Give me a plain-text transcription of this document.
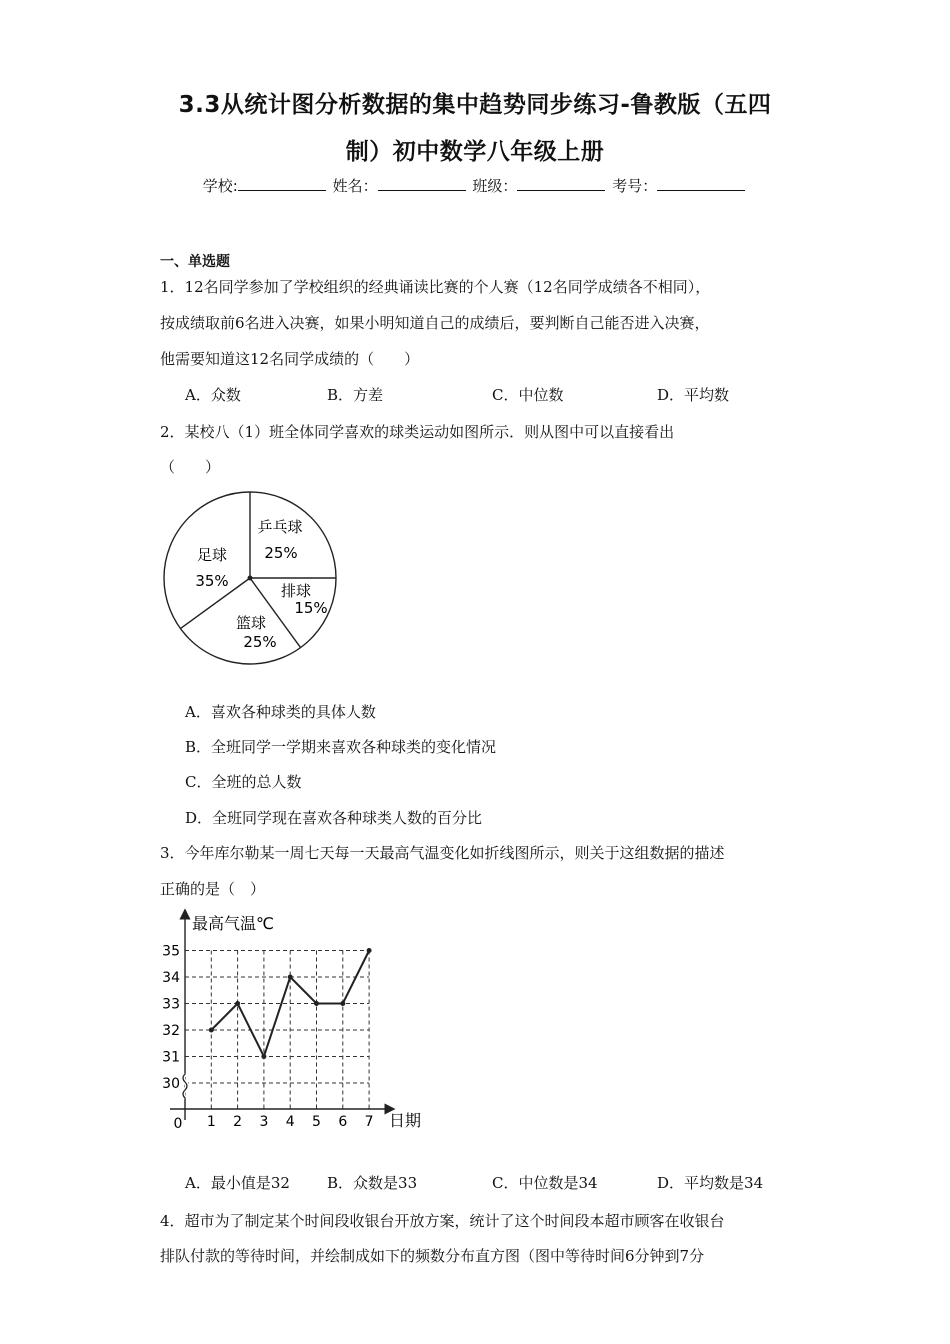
3.3从统计图分析数据的集中趋势同步练习-鲁教版（五四
制）初中数学八年级上册
学校:	姓名：	班级：	考号：
一、单选题
1．12名同学参加了学校组织的经典诵读比赛的个人赛（12名同学成绩各不相同），
按成绩取前6名进入决赛，如果小明知道自己的成绩后，要判断自己能否进入决赛，
他需要知道这12名同学成绩的（　　）
A．众数	B．方差	C．中位数	D．平均数
2．某校八（1）班全体同学喜欢的球类运动如图所示．则从图中可以直接看出
（　　）
乒乓球
25%
排球
15%
篮球
25%
足球
35%
A．喜欢各种球类的具体人数
B．全班同学一学期来喜欢各种球类的变化情况
C．全班的总人数
D．全班同学现在喜欢各种球类人数的百分比
3．今年库尔勒某一周七天每一天最高气温变化如折线图所示，则关于这组数据的描述
正确的是（　）
最高气温℃
日期
0
30
31
32
33
34
35
1 2 3 4 5 6 7
A．最小值是32 B．众数是33	C．中位数是34	D．平均数是34
4．超市为了制定某个时间段收银台开放方案，统计了这个时间段本超市顾客在收银台
排队付款的等待时间，并绘制成如下的频数分布直方图（图中等待时间6分钟到7分
